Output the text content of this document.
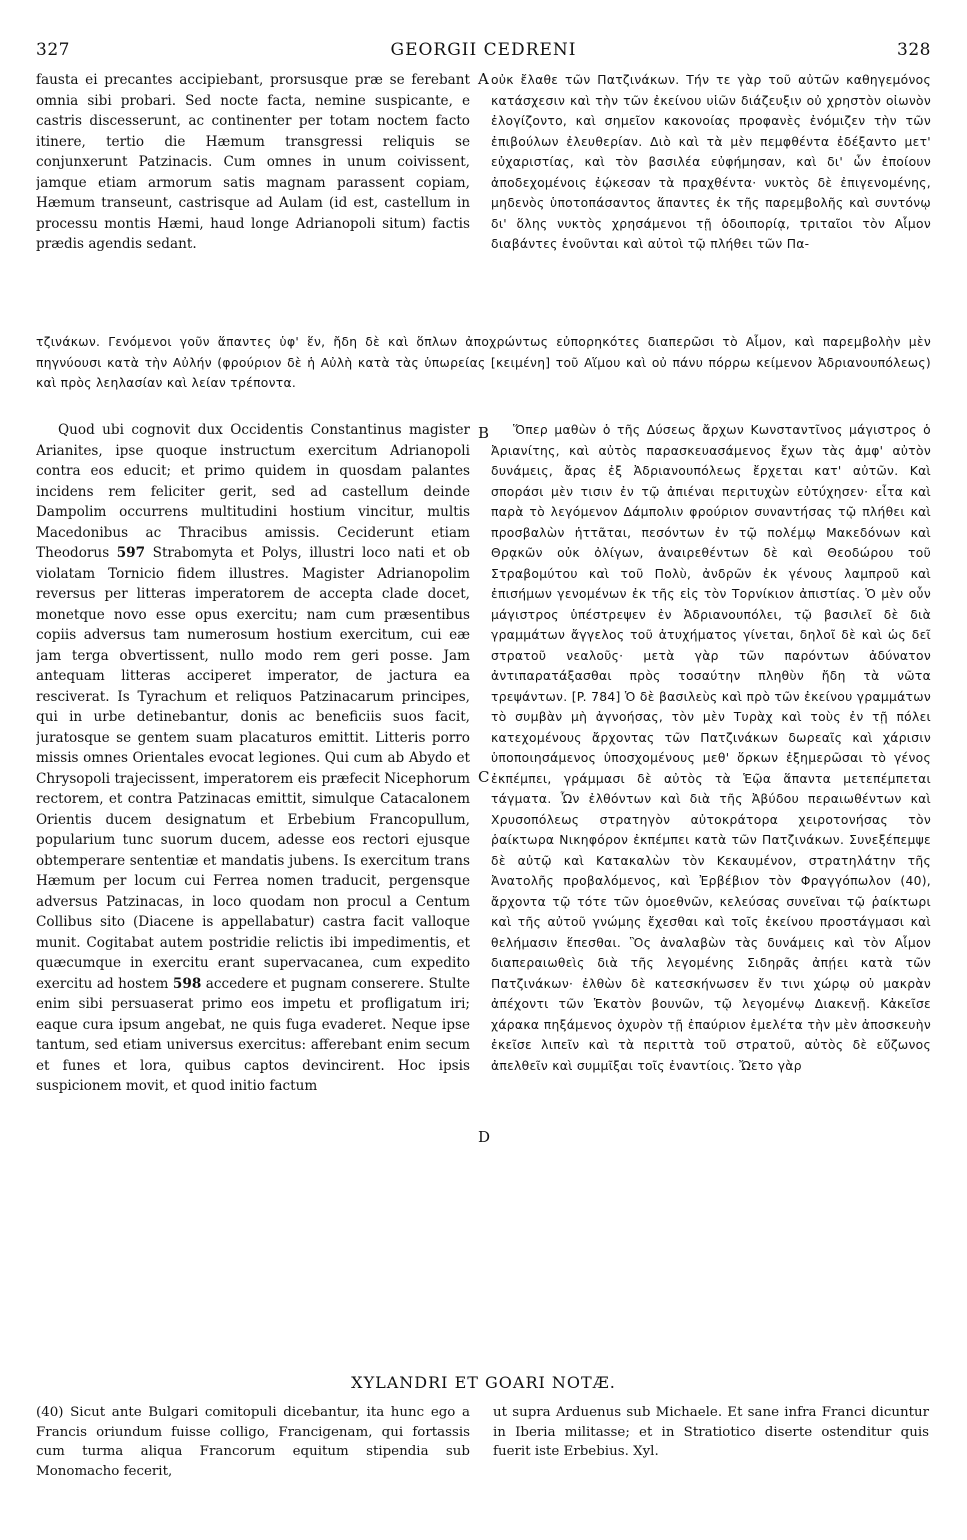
327	GEORGII CEDRENI	328

fausta ei precantes accipiebant, prorsusque præ se ferebant omnia sibi probari. Sed nocte facta, nemine suspicante, e castris discesserunt, ac continenter per totam noctem facto itinere, tertio die Hæmum transgressi reliquis se conjunxerunt Patzinacis. Cum omnes in unum coivissent, jamque etiam armorum satis magnam parassent copiam, Hæmum transeunt, castrisque ad Aulam (id est, castellum in processu montis Hæmi, haud longe Adrianopoli situm) factis prædis agendis sedant.

A οὐκ ἔλαθε τῶν Πατζινάκων. Τήν τε γὰρ τοῦ αὐτῶν καθηγεμόνος κατάσχεσιν καὶ τὴν τῶν ἐκείνου υἱῶν διάζευξιν οὐ χρηστὸν οἰωνὸν ἐλογίζοντο, καὶ σημεῖον κακονοίας προφανὲς ἐνόμιζεν τὴν τῶν ἐπιβούλων ἐλευθερίαν. Διὸ καὶ τὰ μὲν πεμφθέντα ἐδέξαντο μετ' εὐχαριστίας, καὶ τὸν βασιλέα εὐφήμησαν, καὶ δι' ὧν ἐποίουν ἀποδεχομένοις ἐῴκεσαν τὰ πραχθέντα· νυκτὸς δὲ ἐπιγενομένης, μηδενὸς ὑποτοπάσαντος ἅπαντες ἐκ τῆς παρεμβολῆς καὶ συντόνῳ δι' ὅλης νυκτὸς χρησάμενοι τῇ ὁδοιπορίᾳ, τριταῖοι τὸν Αἷμον διαβάντες ἑνοῦνται καὶ αὐτοὶ τῷ πλήθει τῶν Πα-

τζινάκων. Γενόμενοι γοῦν ἅπαντες ὑφ' ἕν, ἤδη δὲ καὶ ὅπλων ἀποχρώντως εὐπορηκότες διαπερῶσι τὸ Αἷμον, καὶ παρεμβολὴν μὲν πηγνύουσι κατὰ τὴν Αὐλήν (φρούριον δὲ ἡ Αὐλὴ κατὰ τὰς ὑπωρείας [κειμένη] τοῦ Αἵμου καὶ οὐ πάνυ πόρρω κείμενον Ἀδριανουπόλεως) καὶ πρὸς λεηλασίαν καὶ λείαν τρέποντα.

Quod ubi cognovit dux Occidentis Constantinus magister Arianites, ipse quoque instructum exercitum Adrianopoli contra eos educit; et primo quidem in quosdam palantes incidens rem feliciter gerit, sed ad castellum deinde Dampolim occurrens multitudini hostium vincitur, multis Macedonibus ac Thracibus amissis. Ceciderunt etiam Theodorus 597 Strabomyta et Polys, illustri loco nati et ob violatam Tornicio fidem illustres. Magister Adrianopolim reversus per litteras imperatorem de accepta clade docet, monetque novo esse opus exercitu; nam cum præsentibus copiis adversus tam numerosum hostium exercitum, cui eæ jam terga obvertissent, nullo modo rem geri posse. Jam antequam litteras acciperet imperator, de jactura ea resciverat. Is Tyrachum et reliquos Patzinacarum principes, qui in urbe detinebantur, donis ac beneficiis suos facit, juratosque se gentem suam placaturos emittit. Litteris porro missis omnes Orientales evocat legiones. Qui cum ab Abydo et Chrysopoli trajecissent, imperatorem eis præfecit Nicephorum rectorem, et contra Patzinacas emittit, simulque Catacalonem Orientis ducem designatum et Erbebium Francopullum, popularium tunc suorum ducem, adesse eos rectori ejusque obtemperare sententiæ et mandatis jubens. Is exercitum trans Hæmum per locum cui Ferrea nomen traducit, pergensque adversus Patzinacas, in loco quodam non procul a Centum Collibus sito (Diacene is appellabatur) castra facit valloque munit. Cogitabat autem postridie relictis ibi impedimentis, et quæcumque in exercitu erant supervacanea, cum expedito exercitu ad hostem 598 accedere et pugnam conserere. Stulte enim sibi persuaserat primo eos impetu et profligatum iri; eaque cura ipsum angebat, ne quis fuga evaderet. Neque ipse tantum, sed etiam universus exercitus: afferebant enim secum et funes et lora, quibus captos devincirent. Hoc ipsis suspicionem movit, et quod initio factum

B
C
D

Ὅπερ μαθὼν ὁ τῆς Δύσεως ἄρχων Κωνσταντῖνος μάγιστρος ὁ Ἀριανίτης, καὶ αὐτὸς παρασκευασάμενος ἔχων τὰς ἀμφ' αὐτὸν δυνάμεις, ἄρας ἐξ Ἀδριανουπόλεως ἔρχεται κατ' αὐτῶν. Καὶ σποράσι μὲν τισιν ἐν τῷ ἀπιέναι περιτυχὼν εὐτύχησεν· εἶτα καὶ παρὰ τὸ λεγόμενον Δάμπολιν φρούριον συναντήσας τῷ πλήθει καὶ προσβαλὼν ἡττᾶται, πεσόντων ἐν τῷ πολέμῳ Μακεδόνων καὶ Θρᾳκῶν οὐκ ὀλίγων, ἀναιρεθέντων δὲ καὶ Θεοδώρου τοῦ Στραβομύτου καὶ τοῦ Πολὺ, ἀνδρῶν ἐκ γένους λαμπροῦ καὶ ἐπισήμων γενομένων ἐκ τῆς εἰς τὸν Τορνίκιον ἀπιστίας. Ὁ μὲν οὖν μάγιστρος ὑπέστρεψεν ἐν Ἀδριανουπόλει, τῷ βασιλεῖ δὲ διὰ γραμμάτων ἄγγελος τοῦ ἀτυχήματος γίνεται, δηλοῖ δὲ καὶ ὡς δεῖ στρατοῦ νεαλοῦς· μετὰ γὰρ τῶν παρόντων ἀδύνατον ἀντιπαρατάξασθαι πρὸς τοσαύτην πληθὺν ἤδη τὰ νῶτα τρεψάντων. [P. 784] Ὁ δὲ βασιλεὺς καὶ πρὸ τῶν ἐκείνου γραμμάτων τὸ συμβὰν μὴ ἀγνοήσας, τὸν μὲν Τυρὰχ καὶ τοὺς ἐν τῇ πόλει κατεχομένους ἄρχοντας τῶν Πατζινάκων δωρεαῖς καὶ χάρισιν ὑποποιησάμενος ὑποσχομένους μεθ' ὅρκων ἐξημερῶσαι τὸ γένος ἐκπέμπει, γράμμασι δὲ αὐτὸς τὰ Ἑῷα ἅπαντα μετεπέμπεται τάγματα. Ὧν ἐλθόντων καὶ διὰ τῆς Ἀβύδου περαιωθέντων καὶ Χρυσοπόλεως στρατηγὸν αὐτοκράτορα χειροτονήσας τὸν ῥαίκτωρα Νικηφόρον ἐκπέμπει κατὰ τῶν Πατζινάκων. Συνεξέπεμψε δὲ αὐτῷ καὶ Κατακαλὼν τὸν Κεκαυμένον, στρατηλάτην τῆς Ἀνατολῆς προβαλόμενος, καὶ Ἐρβέβιον τὸν Φραγγόπωλον (40), ἄρχοντα τῷ τότε τῶν ὁμοεθνῶν, κελεύσας συνεῖναι τῷ ῥαίκτωρι καὶ τῆς αὐτοῦ γνώμης ἔχεσθαι καὶ τοῖς ἐκείνου προστάγμασι καὶ θελήμασιν ἕπεσθαι. Ὃς ἀναλαβὼν τὰς δυνάμεις καὶ τὸν Αἷμον διαπεραιωθεὶς διὰ τῆς λεγομένης Σιδηρᾶς ἀπῄει κατὰ τῶν Πατζινάκων· ἐλθὼν δὲ κατεσκήνωσεν ἔν τινι χώρῳ οὐ μακρὰν ἀπέχοντι τῶν Ἑκατὸν βουνῶν, τῷ λεγομένῳ Διακενῇ. Κἀκεῖσε χάρακα πηξάμενος ὀχυρὸν τῇ ἐπαύριον ἐμελέτα τὴν μὲν ἀποσκευὴν ἐκεῖσε λιπεῖν καὶ τὰ περιττὰ τοῦ στρατοῦ, αὐτὸς δὲ εὔζωνος ἀπελθεῖν καὶ συμμῖξαι τοῖς ἐναντίοις. Ὤετο γὰρ

XYLANDRI ET GOARI NOTÆ.
(40) Sicut ante Bulgari comitopuli dicebantur, ita hunc ego a Francis oriundum fuisse colligo, Francigenam, qui fortassis cum turma aliqua Francorum equitum stipendia sub Monomacho fecerit,
ut supra Arduenus sub Michaele. Et sane infra Franci dicuntur in Iberia militasse; et in Stratiotico diserte ostenditur quis fuerit iste Erbebius. Xyl.
